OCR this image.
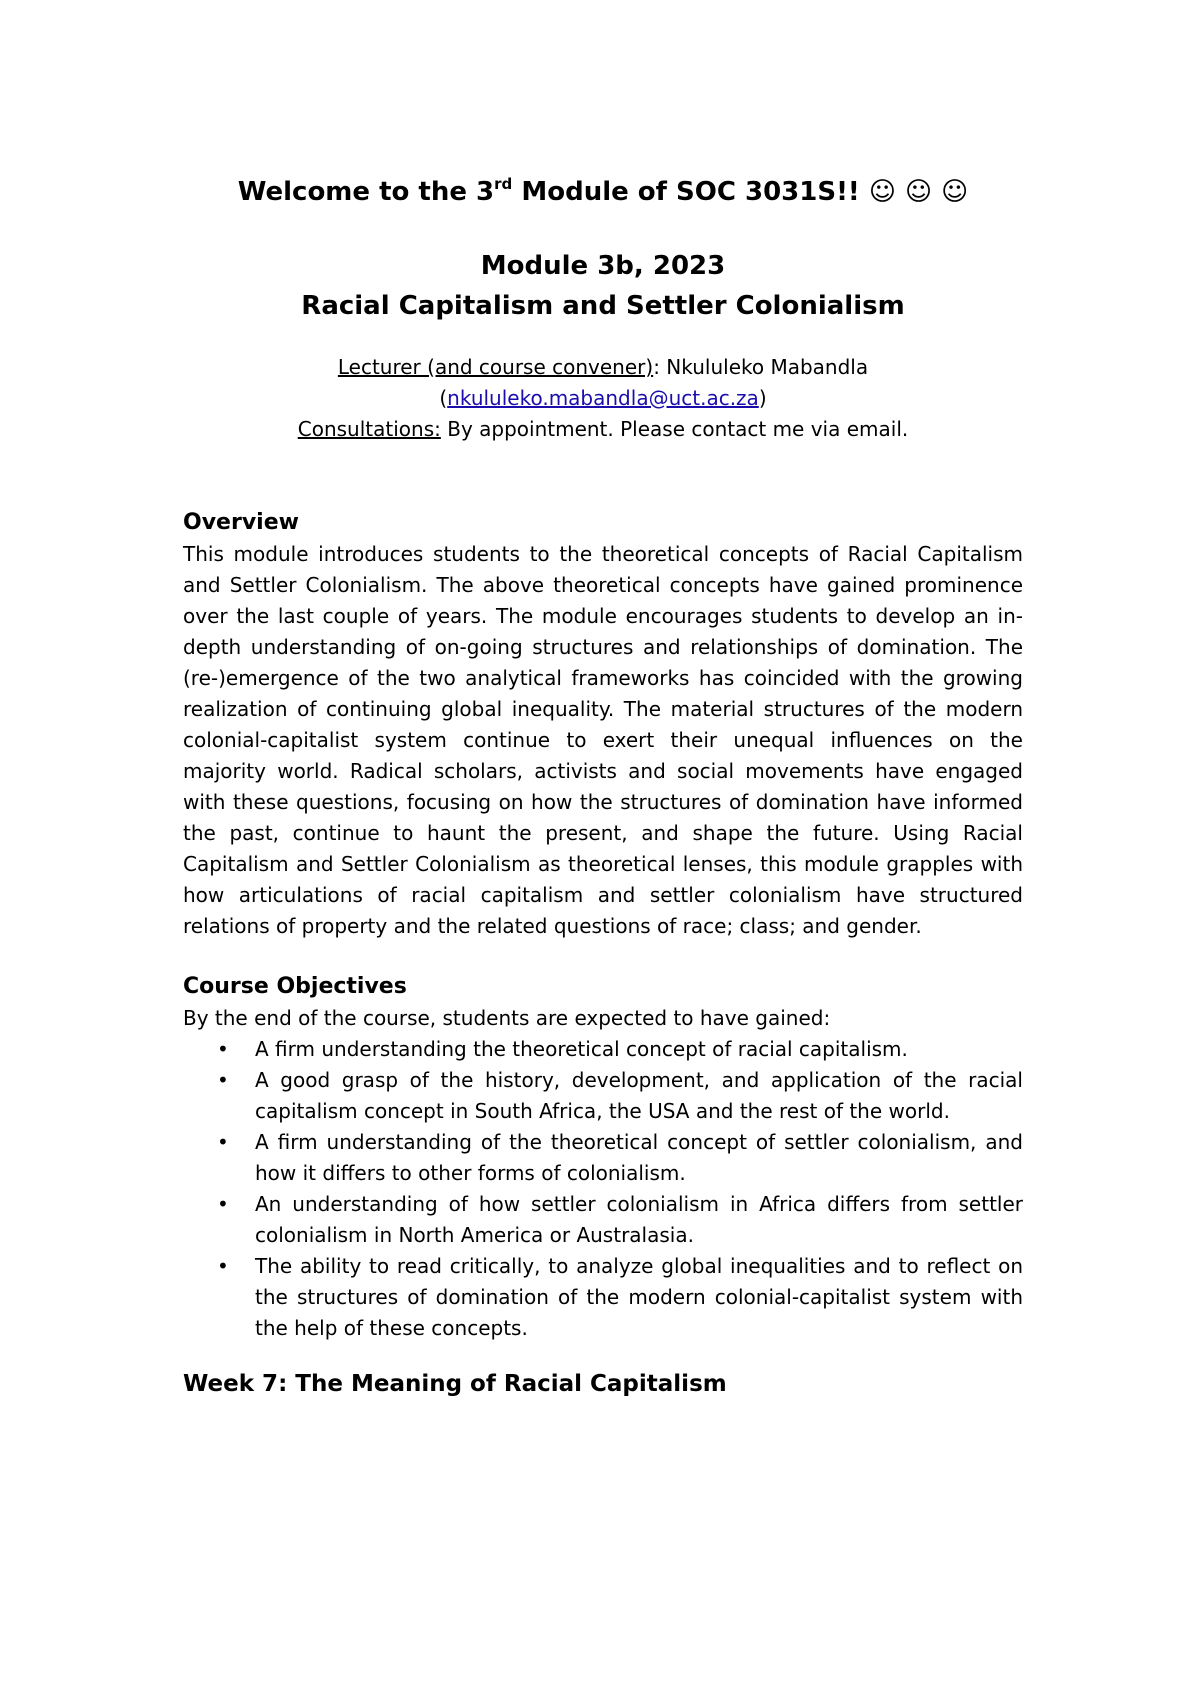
Welcome to the 3rd Module of SOC 3031S!! ☺ ☺ ☺
Module 3b, 2023
Racial Capitalism and Settler Colonialism
Lecturer (and course convener): Nkululeko Mabandla
(nkululeko.mabandla@uct.ac.za)
Consultations: By appointment. Please contact me via email.
Overview

This module introduces students to the theoretical concepts of Racial Capitalism and Settler Colonialism. The above theoretical concepts have gained prominence over the last couple of years. The module encourages students to develop an in-depth understanding of on-going structures and relationships of domination. The (re-)emergence of the two analytical frameworks has coincided with the growing realization of continuing global inequality. The material structures of the modern colonial-capitalist system continue to exert their unequal influences on the majority world. Radical scholars, activists and social movements have engaged with these questions, focusing on how the structures of domination have informed the past, continue to haunt the present, and shape the future. Using Racial Capitalism and Settler Colonialism as theoretical lenses, this module grapples with how articulations of racial capitalism and settler colonialism have structured relations of property and the related questions of race; class; and gender.

Course Objectives

By the end of the course, students are expected to have gained:

• A firm understanding the theoretical concept of racial capitalism.
• A good grasp of the history, development, and application of the racial capitalism concept in South Africa, the USA and the rest of the world.
• A firm understanding of the theoretical concept of settler colonialism, and how it differs to other forms of colonialism.
• An understanding of how settler colonialism in Africa differs from settler colonialism in North America or Australasia.
• The ability to read critically, to analyze global inequalities and to reflect on the structures of domination of the modern colonial-capitalist system with the help of these concepts.
Week 7: The Meaning of Racial Capitalism
